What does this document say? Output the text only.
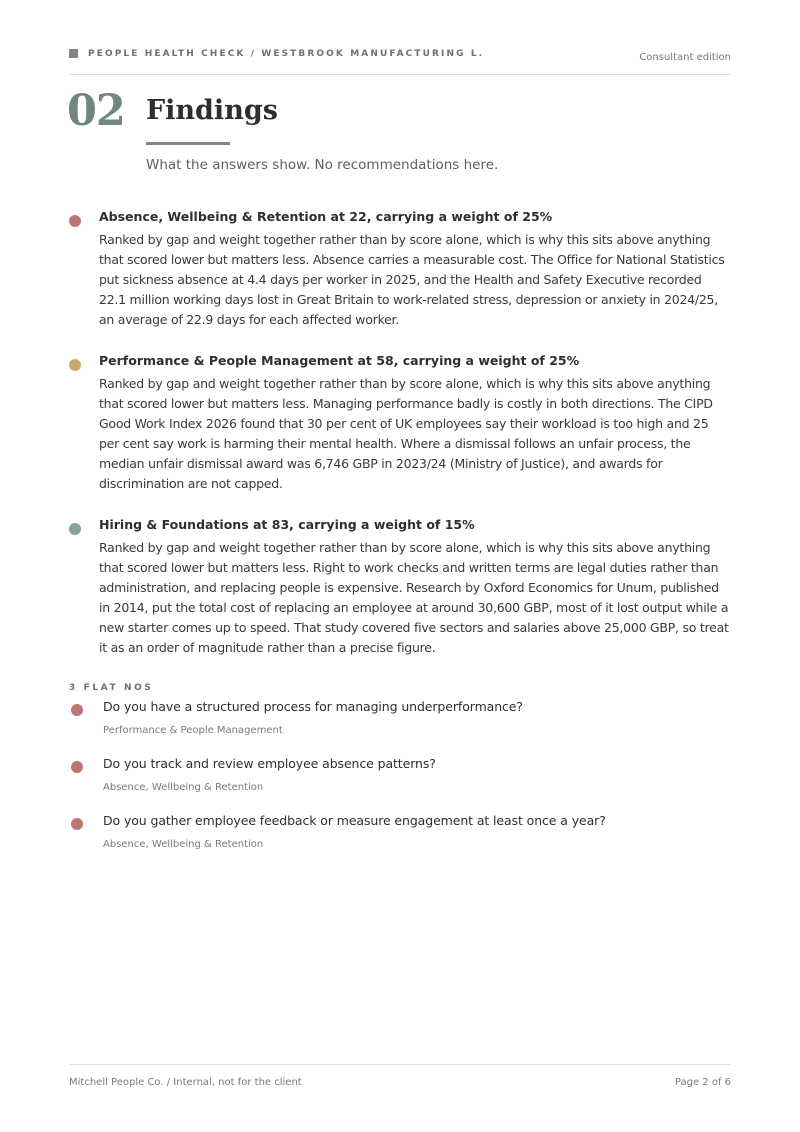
PEOPLE HEALTH CHECK / WESTBROOK MANUFACTURING L.	Consultant edition
02 Findings
What the answers show. No recommendations here.
Absence, Wellbeing & Retention at 22, carrying a weight of 25%
Ranked by gap and weight together rather than by score alone, which is why this sits above anything that scored lower but matters less. Absence carries a measurable cost. The Office for National Statistics put sickness absence at 4.4 days per worker in 2025, and the Health and Safety Executive recorded 22.1 million working days lost in Great Britain to work-related stress, depression or anxiety in 2024/25, an average of 22.9 days for each affected worker.
Performance & People Management at 58, carrying a weight of 25%
Ranked by gap and weight together rather than by score alone, which is why this sits above anything that scored lower but matters less. Managing performance badly is costly in both directions. The CIPD Good Work Index 2026 found that 30 per cent of UK employees say their workload is too high and 25 per cent say work is harming their mental health. Where a dismissal follows an unfair process, the median unfair dismissal award was 6,746 GBP in 2023/24 (Ministry of Justice), and awards for discrimination are not capped.
Hiring & Foundations at 83, carrying a weight of 15%
Ranked by gap and weight together rather than by score alone, which is why this sits above anything that scored lower but matters less. Right to work checks and written terms are legal duties rather than administration, and replacing people is expensive. Research by Oxford Economics for Unum, published in 2014, put the total cost of replacing an employee at around 30,600 GBP, most of it lost output while a new starter comes up to speed. That study covered five sectors and salaries above 25,000 GBP, so treat it as an order of magnitude rather than a precise figure.
3 FLAT NOS
Do you have a structured process for managing underperformance?
Performance & People Management
Do you track and review employee absence patterns?
Absence, Wellbeing & Retention
Do you gather employee feedback or measure engagement at least once a year?
Absence, Wellbeing & Retention
Mitchell People Co. / Internal, not for the client	Page 2 of 6
